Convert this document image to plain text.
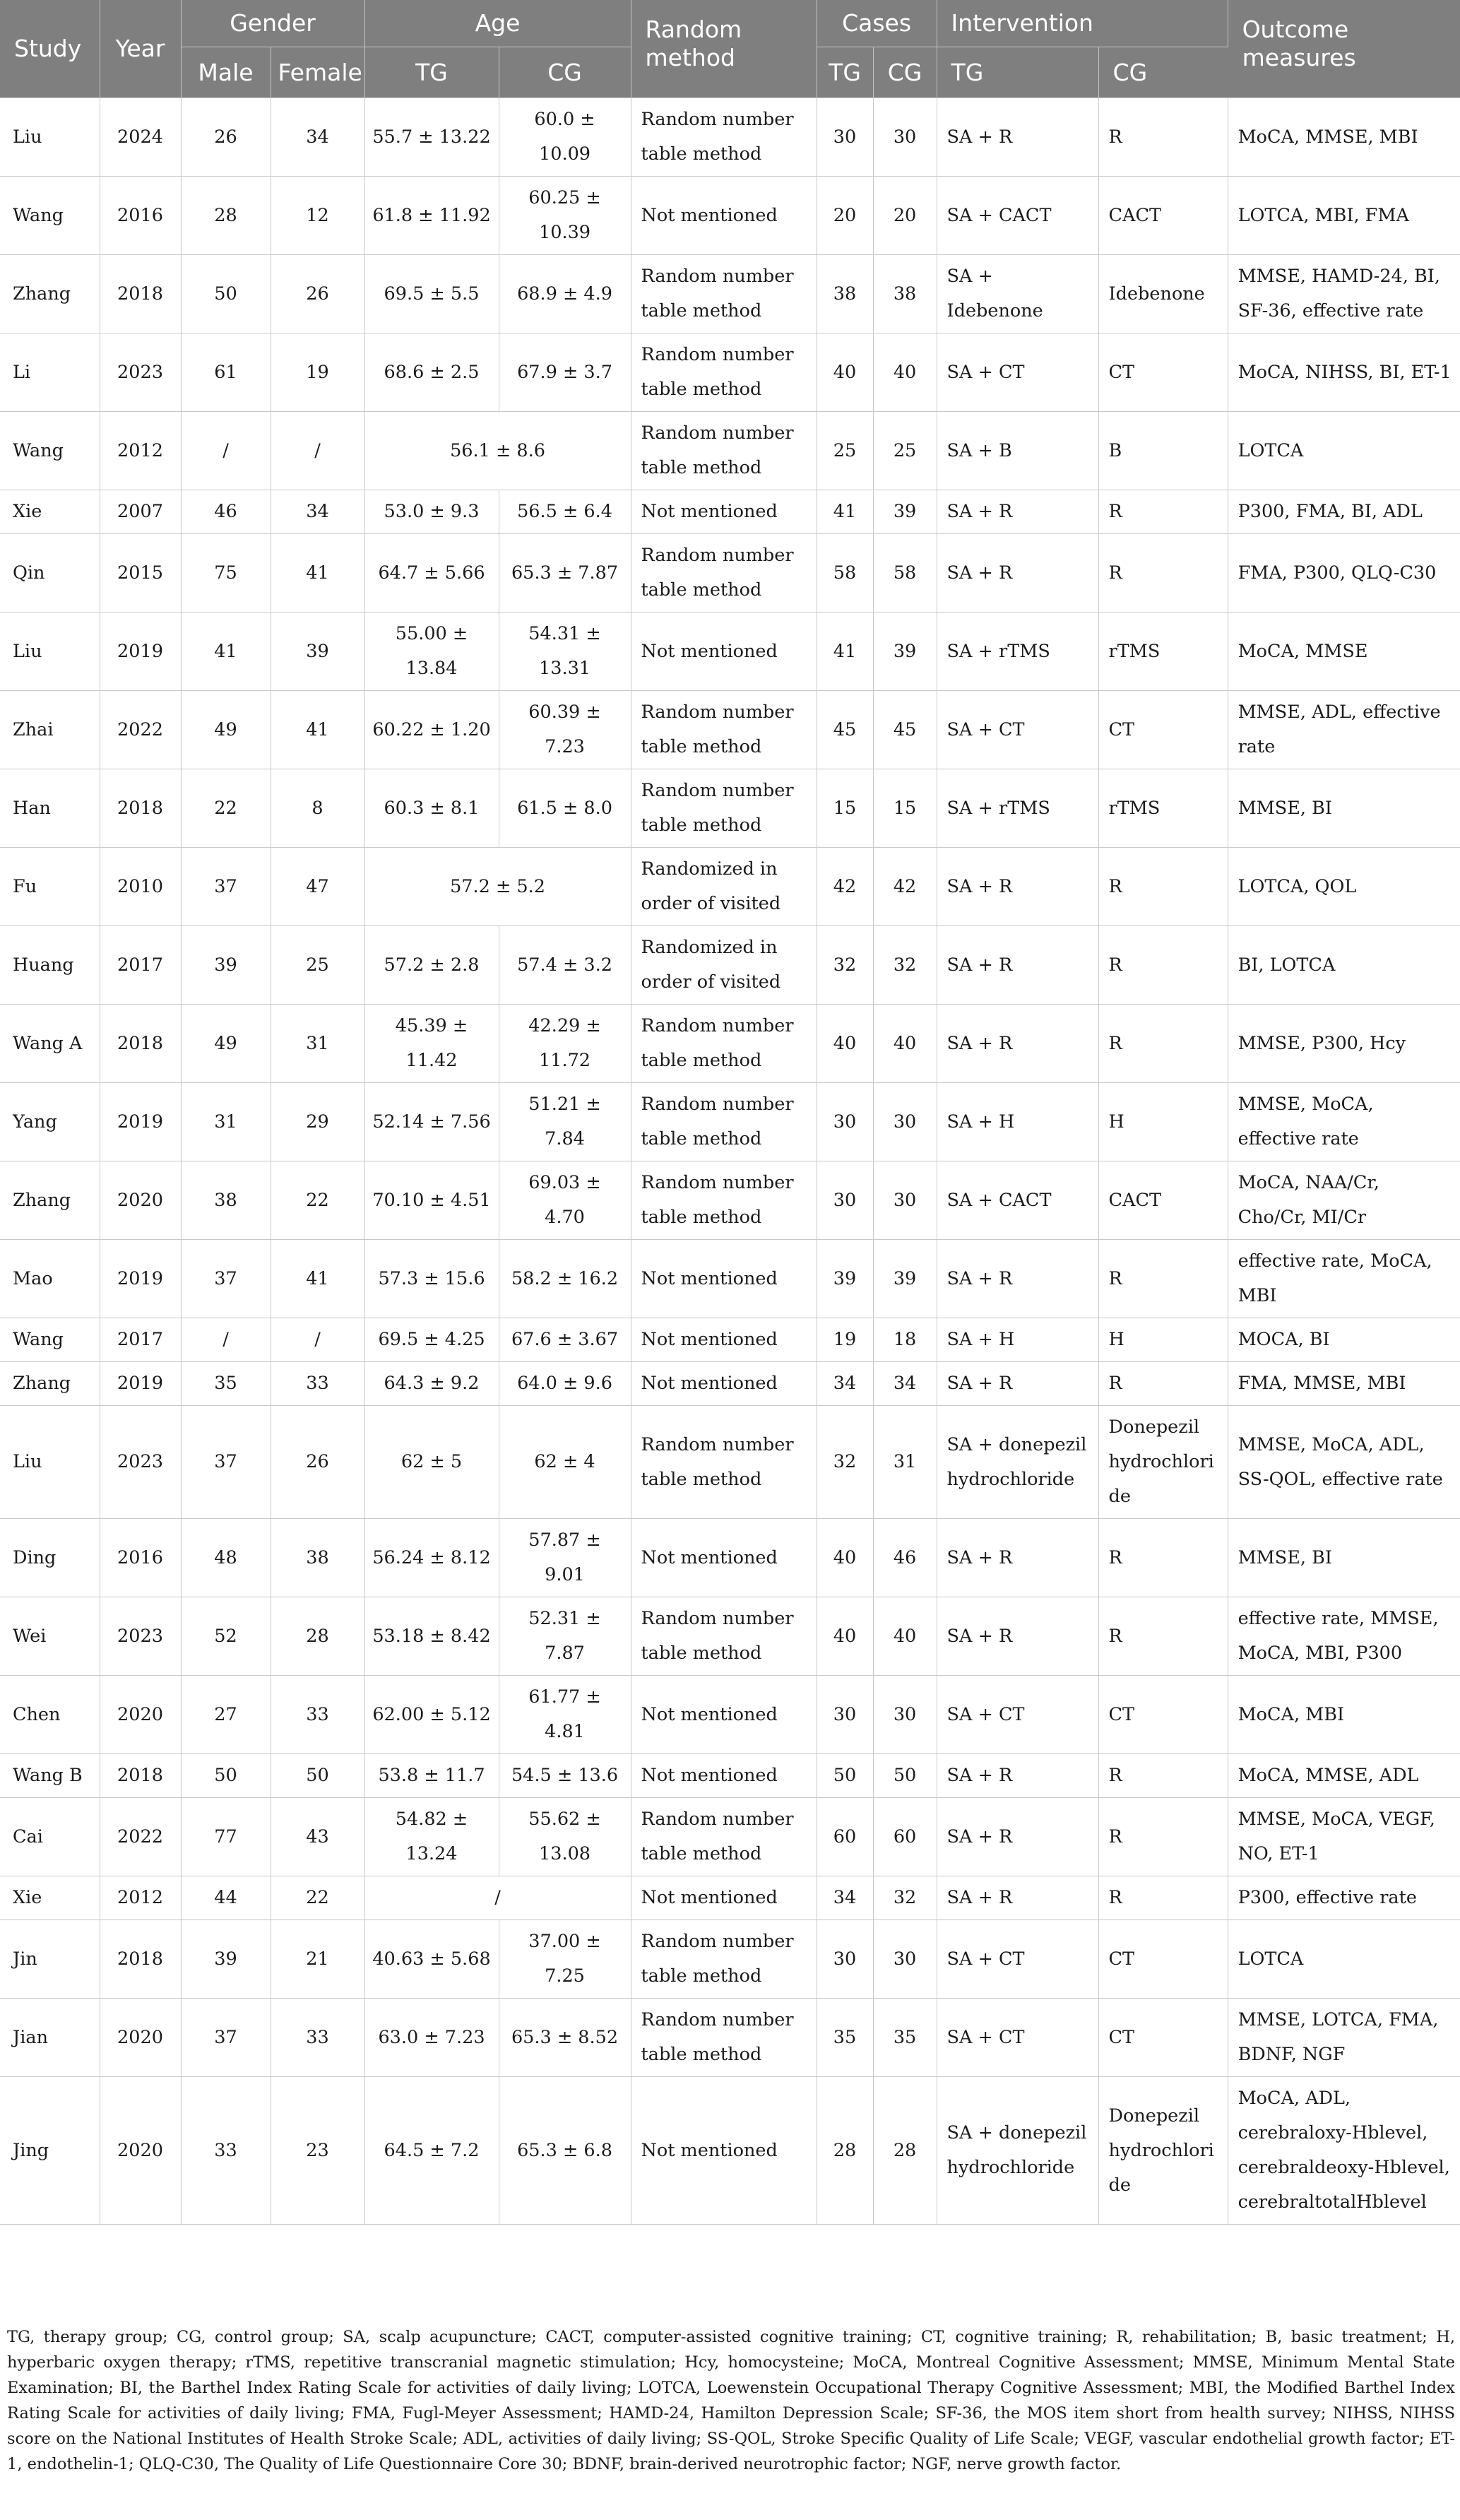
Study	Year	Gender		Age		Random method	Cases		Intervention		Outcome measures
		Male	Female	TG	CG		TG	CG	TG	CG	
Liu	2024	26	34	55.7 ± 13.22	60.0 ± 10.09	Random number table method	30	30	SA + R	R	MoCA, MMSE, MBI
Wang	2016	28	12	61.8 ± 11.92	60.25 ± 10.39	Not mentioned	20	20	SA + CACT	CACT	LOTCA, MBI, FMA
Zhang	2018	50	26	69.5 ± 5.5	68.9 ± 4.9	Random number table method	38	38	SA + Idebenone	Idebenone	MMSE, HAMD-24, BI, SF-36, effective rate
Li	2023	61	19	68.6 ± 2.5	67.9 ± 3.7	Random number table method	40	40	SA + CT	CT	MoCA, NIHSS, BI, ET-1
Wang	2012	/	/	56.1 ± 8.6		Random number table method	25	25	SA + B	B	LOTCA
Xie	2007	46	34	53.0 ± 9.3	56.5 ± 6.4	Not mentioned	41	39	SA + R	R	P300, FMA, BI, ADL
Qin	2015	75	41	64.7 ± 5.66	65.3 ± 7.87	Random number table method	58	58	SA + R	R	FMA, P300, QLQ-C30
Liu	2019	41	39	55.00 ± 13.84	54.31 ± 13.31	Not mentioned	41	39	SA + rTMS	rTMS	MoCA, MMSE
Zhai	2022	49	41	60.22 ± 1.20	60.39 ± 7.23	Random number table method	45	45	SA + CT	CT	MMSE, ADL, effective rate
Han	2018	22	8	60.3 ± 8.1	61.5 ± 8.0	Random number table method	15	15	SA + rTMS	rTMS	MMSE, BI
Fu	2010	37	47	57.2 ± 5.2		Randomized in order of visited	42	42	SA + R	R	LOTCA, QOL
Huang	2017	39	25	57.2 ± 2.8	57.4 ± 3.2	Randomized in order of visited	32	32	SA + R	R	BI, LOTCA
Wang A	2018	49	31	45.39 ± 11.42	42.29 ± 11.72	Random number table method	40	40	SA + R	R	MMSE, P300, Hcy
Yang	2019	31	29	52.14 ± 7.56	51.21 ± 7.84	Random number table method	30	30	SA + H	H	MMSE, MoCA, effective rate
Zhang	2020	38	22	70.10 ± 4.51	69.03 ± 4.70	Random number table method	30	30	SA + CACT	CACT	MoCA, NAA/Cr, Cho/Cr, MI/Cr
Mao	2019	37	41	57.3 ± 15.6	58.2 ± 16.2	Not mentioned	39	39	SA + R	R	effective rate, MoCA, MBI
Wang	2017	/	/	69.5 ± 4.25	67.6 ± 3.67	Not mentioned	19	18	SA + H	H	MOCA, BI
Zhang	2019	35	33	64.3 ± 9.2	64.0 ± 9.6	Not mentioned	34	34	SA + R	R	FMA, MMSE, MBI
Liu	2023	37	26	62 ± 5	62 ± 4	Random number table method	32	31	SA + donepezil hydrochloride	Donepezil hydrochloride	MMSE, MoCA, ADL, SS-QOL, effective rate
Ding	2016	48	38	56.24 ± 8.12	57.87 ± 9.01	Not mentioned	40	46	SA + R	R	MMSE, BI
Wei	2023	52	28	53.18 ± 8.42	52.31 ± 7.87	Random number table method	40	40	SA + R	R	effective rate, MMSE, MoCA, MBI, P300
Chen	2020	27	33	62.00 ± 5.12	61.77 ± 4.81	Not mentioned	30	30	SA + CT	CT	MoCA, MBI
Wang B	2018	50	50	53.8 ± 11.7	54.5 ± 13.6	Not mentioned	50	50	SA + R	R	MoCA, MMSE, ADL
Cai	2022	77	43	54.82 ± 13.24	55.62 ± 13.08	Random number table method	60	60	SA + R	R	MMSE, MoCA, VEGF, NO, ET-1
Xie	2012	44	22	/		Not mentioned	34	32	SA + R	R	P300, effective rate
Jin	2018	39	21	40.63 ± 5.68	37.00 ± 7.25	Random number table method	30	30	SA + CT	CT	LOTCA
Jian	2020	37	33	63.0 ± 7.23	65.3 ± 8.52	Random number table method	35	35	SA + CT	CT	MMSE, LOTCA, FMA, BDNF, NGF
Jing	2020	33	23	64.5 ± 7.2	65.3 ± 6.8	Not mentioned	28	28	SA + donepezil hydrochloride	Donepezil hydrochloride	MoCA, ADL, cerebraloxy-Hblevel, cerebraldeoxy-Hblevel, cerebraltotalHblevel

TG, therapy group; CG, control group; SA, scalp acupuncture; CACT, computer-assisted cognitive training; CT, cognitive training; R, rehabilitation; B, basic treatment; H, hyperbaric oxygen therapy; rTMS, repetitive transcranial magnetic stimulation; Hcy, homocysteine; MoCA, Montreal Cognitive Assessment; MMSE, Minimum Mental State Examination; BI, the Barthel Index Rating Scale for activities of daily living; LOTCA, Loewenstein Occupational Therapy Cognitive Assessment; MBI, the Modified Barthel Index Rating Scale for activities of daily living; FMA, Fugl-Meyer Assessment; HAMD-24, Hamilton Depression Scale; SF-36, the MOS item short from health survey; NIHSS, NIHSS score on the National Institutes of Health Stroke Scale; ADL, activities of daily living; SS-QOL, Stroke Specific Quality of Life Scale; VEGF, vascular endothelial growth factor; ET-1, endothelin-1; QLQ-C30, The Quality of Life Questionnaire Core 30; BDNF, brain-derived neurotrophic factor; NGF, nerve growth factor.
